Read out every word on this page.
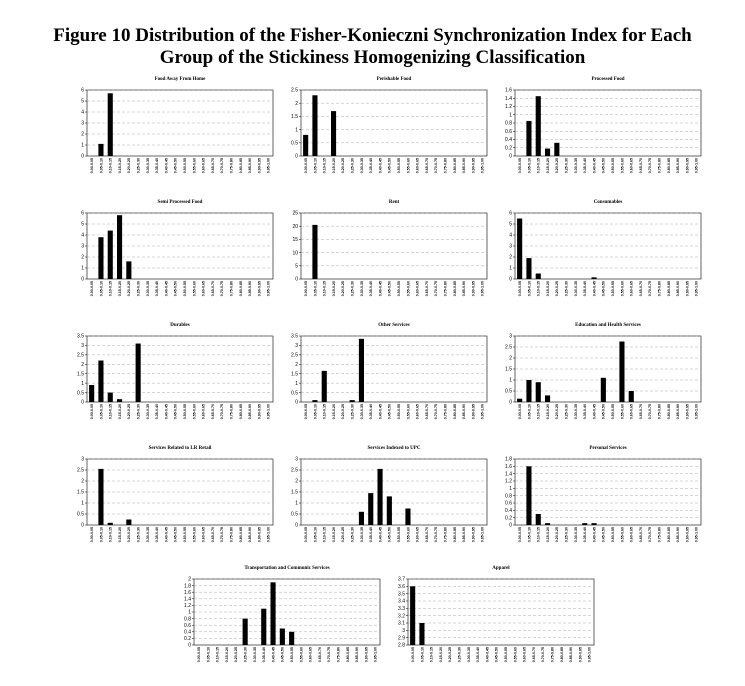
Figure 10 Distribution of the Fisher-Konieczni Synchronization Index for Each
Group of the Stickiness Homogenizing Classification
Food Away From Home
0
1
2
3
4
5
6
0.00-0.05 0.05-0.10 0.10-0.15 0.15-0.20 0.20-0.25 0.25-0.30 0.30-0.35 0.35-0.40 0.40-0.45 0.45-0.50 0.50-0.55 0.55-0.60 0.60-0.65 0.65-0.70 0.70-0.75 0.75-0.80 0.80-0.85 0.85-0.90 0.90-0.95 0.95-1.00
Perishable Food
0
0.5
1
1.5
2
2.5
0.00-0.05 0.05-0.10 0.10-0.15 0.15-0.20 0.20-0.25 0.25-0.30 0.30-0.35 0.35-0.40 0.40-0.45 0.45-0.50 0.50-0.55 0.55-0.60 0.60-0.65 0.65-0.70 0.70-0.75 0.75-0.80 0.80-0.85 0.85-0.90 0.90-0.95 0.95-1.00
Processed Food
0
0.2
0.4
0.6
0.8
1
1.2
1.4
1.6
0.00-0.05 0.05-0.10 0.10-0.15 0.15-0.20 0.20-0.25 0.25-0.30 0.30-0.35 0.35-0.40 0.40-0.45 0.45-0.50 0.50-0.55 0.55-0.60 0.60-0.65 0.65-0.70 0.70-0.75 0.75-0.80 0.80-0.85 0.85-0.90 0.90-0.95 0.95-1.00
Semi Processed Food
0
1
2
3
4
5
6
0.00-0.05 0.05-0.10 0.10-0.15 0.15-0.20 0.20-0.25 0.25-0.30 0.30-0.35 0.35-0.40 0.40-0.45 0.45-0.50 0.50-0.55 0.55-0.60 0.60-0.65 0.65-0.70 0.70-0.75 0.75-0.80 0.80-0.85 0.85-0.90 0.90-0.95 0.95-1.00
Rent
0
5
10
15
20
25
0.00-0.05 0.05-0.10 0.10-0.15 0.15-0.20 0.20-0.25 0.25-0.30 0.30-0.35 0.35-0.40 0.40-0.45 0.45-0.50 0.50-0.55 0.55-0.60 0.60-0.65 0.65-0.70 0.70-0.75 0.75-0.80 0.80-0.85 0.85-0.90 0.90-0.95 0.95-1.00
Consumables
0
1
2
3
4
5
6
0.00-0.05 0.05-0.10 0.10-0.15 0.15-0.20 0.20-0.25 0.25-0.30 0.30-0.35 0.35-0.40 0.40-0.45 0.45-0.50 0.50-0.55 0.55-0.60 0.60-0.65 0.65-0.70 0.70-0.75 0.75-0.80 0.80-0.85 0.85-0.90 0.90-0.95 0.95-1.00
Durables
0
0.5
1
1.5
2
2.5
3
3.5
0.00-0.05 0.05-0.10 0.10-0.15 0.15-0.20 0.20-0.25 0.25-0.30 0.30-0.35 0.35-0.40 0.40-0.45 0.45-0.50 0.50-0.55 0.55-0.60 0.60-0.65 0.65-0.70 0.70-0.75 0.75-0.80 0.80-0.85 0.85-0.90 0.90-0.95 0.95-1.00
Other Services
0
0.5
1
1.5
2
2.5
3
3.5
0.00-0.05 0.05-0.10 0.10-0.15 0.15-0.20 0.20-0.25 0.25-0.30 0.30-0.35 0.35-0.40 0.40-0.45 0.45-0.50 0.50-0.55 0.55-0.60 0.60-0.65 0.65-0.70 0.70-0.75 0.75-0.80 0.80-0.85 0.85-0.90 0.90-0.95 0.95-1.00
Education and Health Services
0
0.5
1
1.5
2
2.5
3
0.00-0.05 0.05-0.10 0.10-0.15 0.15-0.20 0.20-0.25 0.25-0.30 0.30-0.35 0.35-0.40 0.40-0.45 0.45-0.50 0.50-0.55 0.55-0.60 0.60-0.65 0.65-0.70 0.70-0.75 0.75-0.80 0.80-0.85 0.85-0.90 0.90-0.95 0.95-1.00
Services Related to LR Retail
0
0.5
1
1.5
2
2.5
3
0.00-0.05 0.05-0.10 0.10-0.15 0.15-0.20 0.20-0.25 0.25-0.30 0.30-0.35 0.35-0.40 0.40-0.45 0.45-0.50 0.50-0.55 0.55-0.60 0.60-0.65 0.65-0.70 0.70-0.75 0.75-0.80 0.80-0.85 0.85-0.90 0.90-0.95 0.95-1.00
Services Indexed to UPC
0
0.5
1
1.5
2
2.5
3
0.00-0.05 0.05-0.10 0.10-0.15 0.15-0.20 0.20-0.25 0.25-0.30 0.30-0.35 0.35-0.40 0.40-0.45 0.45-0.50 0.50-0.55 0.55-0.60 0.60-0.65 0.65-0.70 0.70-0.75 0.75-0.80 0.80-0.85 0.85-0.90 0.90-0.95 0.95-1.00
Personal Services
0
0.2
0.4
0.6
0.8
1
1.2
1.4
1.6
1.8
0.00-0.05 0.05-0.10 0.10-0.15 0.15-0.20 0.20-0.25 0.25-0.30 0.30-0.35 0.35-0.40 0.40-0.45 0.45-0.50 0.50-0.55 0.55-0.60 0.60-0.65 0.65-0.70 0.70-0.75 0.75-0.80 0.80-0.85 0.85-0.90 0.90-0.95 0.95-1.00
Transportation and Communic Services
0
0.2
0.4
0.6
0.8
1
1.2
1.4
1.6
1.8
2
0.00-0.05 0.05-0.10 0.10-0.15 0.15-0.20 0.20-0.25 0.25-0.30 0.30-0.35 0.35-0.40 0.40-0.45 0.45-0.50 0.50-0.55 0.55-0.60 0.60-0.65 0.65-0.70 0.70-0.75 0.75-0.80 0.80-0.85 0.85-0.90 0.90-0.95 0.95-1.00
Apparel
2.8
2.9
3
3.1
3.2
3.3
3.4
3.5
3.6
3.7
0.00-0.05 0.05-0.10 0.10-0.15 0.15-0.20 0.20-0.25 0.25-0.30 0.30-0.35 0.35-0.40 0.40-0.45 0.45-0.50 0.50-0.55 0.55-0.60 0.60-0.65 0.65-0.70 0.70-0.75 0.75-0.80 0.80-0.85 0.85-0.90 0.90-0.95 0.95-1.00
